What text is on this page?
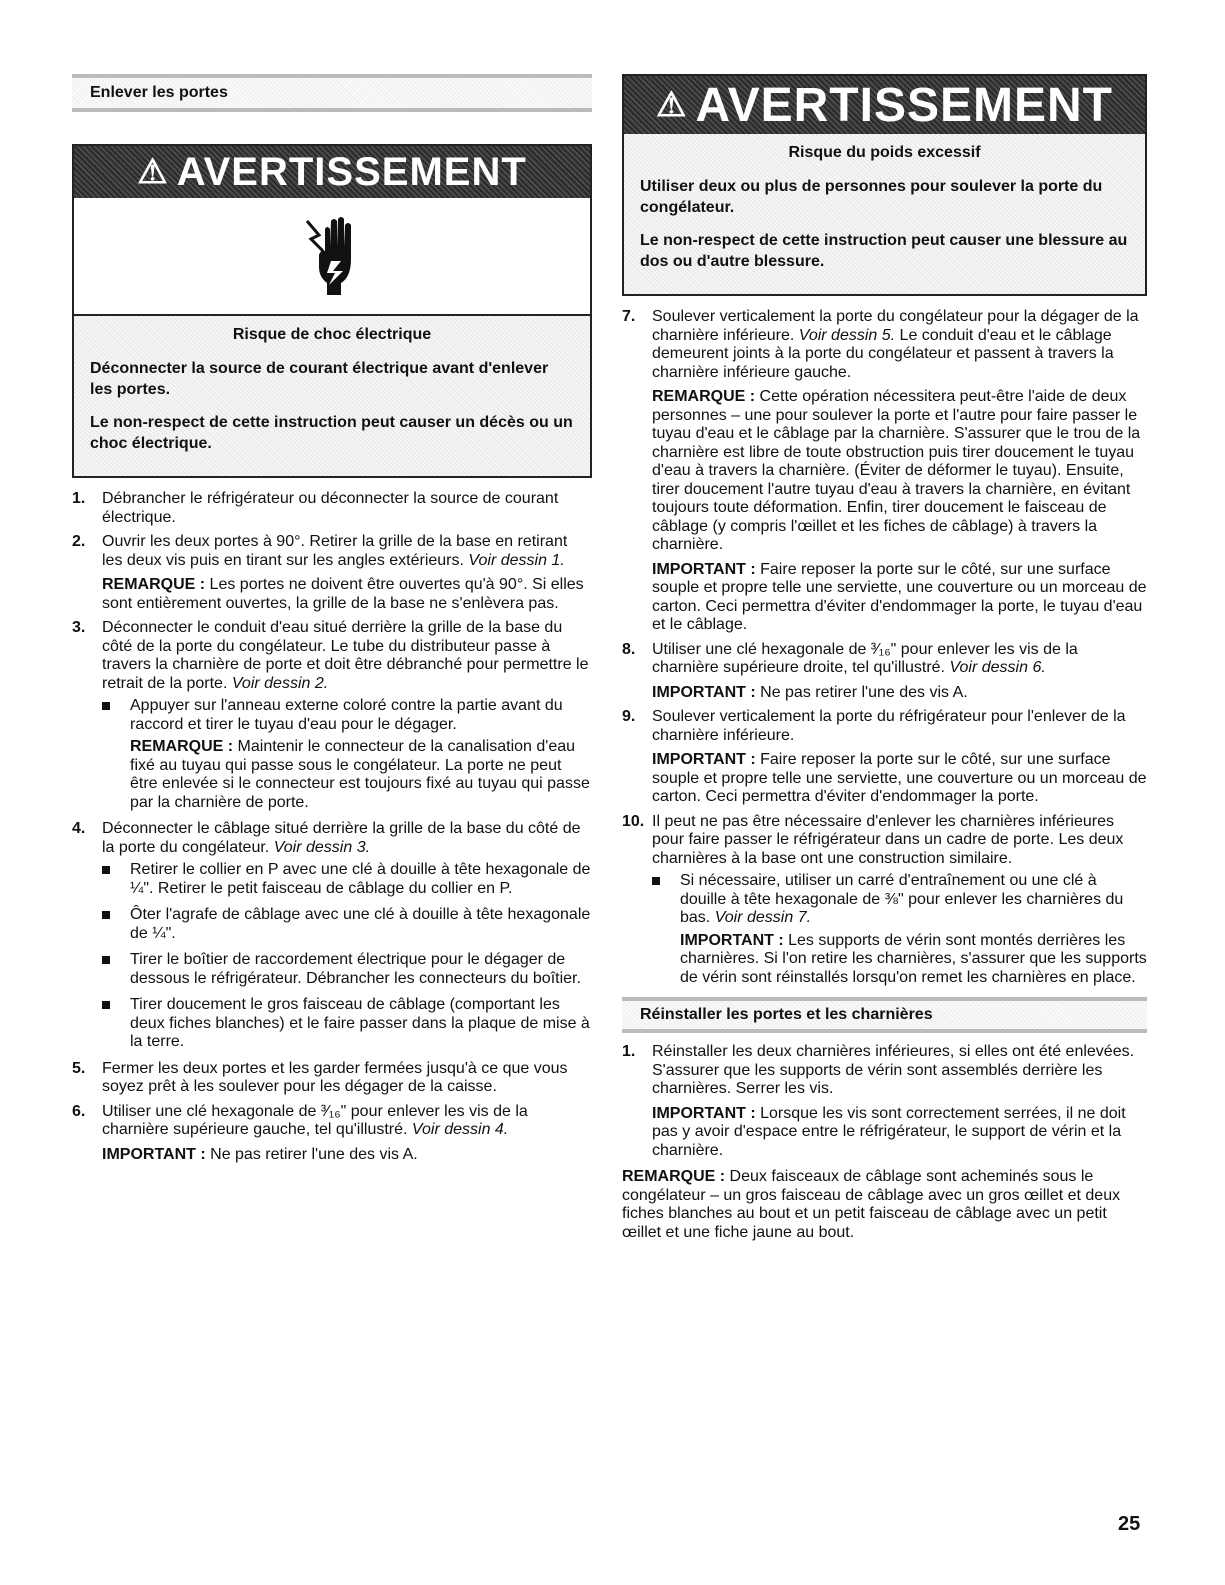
Enlever les portes
⚠ AVERTISSEMENT
Risque de choc électrique
Déconnecter la source de courant électrique avant d'enlever les portes.
Le non-respect de cette instruction peut causer un décès ou un choc électrique.
1. Débrancher le réfrigérateur ou déconnecter la source de courant électrique.
2. Ouvrir les deux portes à 90°. Retirer la grille de la base en retirant les deux vis puis en tirant sur les angles extérieurs. Voir dessin 1.
REMARQUE : Les portes ne doivent être ouvertes qu'à 90°. Si elles sont entièrement ouvertes, la grille de la base ne s'enlèvera pas.
3. Déconnecter le conduit d'eau situé derrière la grille de la base du côté de la porte du congélateur. Le tube du distributeur passe à travers la charnière de porte et doit être débranché pour permettre le retrait de la porte. Voir dessin 2.
Appuyer sur l'anneau externe coloré contre la partie avant du raccord et tirer le tuyau d'eau pour le dégager.
REMARQUE : Maintenir le connecteur de la canalisation d'eau fixé au tuyau qui passe sous le congélateur. La porte ne peut être enlevée si le connecteur est toujours fixé au tuyau qui passe par la charnière de porte.
4. Déconnecter le câblage situé derrière la grille de la base du côté de la porte du congélateur. Voir dessin 3.
Retirer le collier en P avec une clé à douille à tête hexagonale de ¼". Retirer le petit faisceau de câblage du collier en P.
Ôter l'agrafe de câblage avec une clé à douille à tête hexagonale de ¼".
Tirer le boîtier de raccordement électrique pour le dégager de dessous le réfrigérateur. Débrancher les connecteurs du boîtier.
Tirer doucement le gros faisceau de câblage (comportant les deux fiches blanches) et le faire passer dans la plaque de mise à la terre.
5. Fermer les deux portes et les garder fermées jusqu'à ce que vous soyez prêt à les soulever pour les dégager de la caisse.
6. Utiliser une clé hexagonale de ³⁄₁₆" pour enlever les vis de la charnière supérieure gauche, tel qu'illustré. Voir dessin 4.
IMPORTANT : Ne pas retirer l'une des vis A.
⚠ AVERTISSEMENT
Risque du poids excessif
Utiliser deux ou plus de personnes pour soulever la porte du congélateur.
Le non-respect de cette instruction peut causer une blessure au dos ou d'autre blessure.
7. Soulever verticalement la porte du congélateur pour la dégager de la charnière inférieure. Voir dessin 5. Le conduit d'eau et le câblage demeurent joints à la porte du congélateur et passent à travers la charnière inférieure gauche.
REMARQUE : Cette opération nécessitera peut-être l'aide de deux personnes – une pour soulever la porte et l'autre pour faire passer le tuyau d'eau et le câblage par la charnière. S'assurer que le trou de la charnière est libre de toute obstruction puis tirer doucement le tuyau d'eau à travers la charnière. (Éviter de déformer le tuyau). Ensuite, tirer doucement l'autre tuyau d'eau à travers la charnière, en évitant toujours toute déformation. Enfin, tirer doucement le faisceau de câblage (y compris l'œillet et les fiches de câblage) à travers la charnière.
IMPORTANT : Faire reposer la porte sur le côté, sur une surface souple et propre telle une serviette, une couverture ou un morceau de carton. Ceci permettra d'éviter d'endommager la porte, le tuyau d'eau et le câblage.
8. Utiliser une clé hexagonale de ³⁄₁₆" pour enlever les vis de la charnière supérieure droite, tel qu'illustré. Voir dessin 6.
IMPORTANT : Ne pas retirer l'une des vis A.
9. Soulever verticalement la porte du réfrigérateur pour l'enlever de la charnière inférieure.
IMPORTANT : Faire reposer la porte sur le côté, sur une surface souple et propre telle une serviette, une couverture ou un morceau de carton. Ceci permettra d'éviter d'endommager la porte.
10. Il peut ne pas être nécessaire d'enlever les charnières inférieures pour faire passer le réfrigérateur dans un cadre de porte. Les deux charnières à la base ont une construction similaire.
Si nécessaire, utiliser un carré d'entraînement ou une clé à douille à tête hexagonale de ⅜" pour enlever les charnières du bas. Voir dessin 7.
IMPORTANT : Les supports de vérin sont montés derrières les charnières. Si l'on retire les charnières, s'assurer que les supports de vérin sont réinstallés lorsqu'on remet les charnières en place.
Réinstaller les portes et les charnières
1. Réinstaller les deux charnières inférieures, si elles ont été enlevées. S'assurer que les supports de vérin sont assemblés derrière les charnières. Serrer les vis.
IMPORTANT : Lorsque les vis sont correctement serrées, il ne doit pas y avoir d'espace entre le réfrigérateur, le support de vérin et la charnière.
REMARQUE : Deux faisceaux de câblage sont acheminés sous le congélateur – un gros faisceau de câblage avec un gros œillet et deux fiches blanches au bout et un petit faisceau de câblage avec un petit œillet et une fiche jaune au bout.
25
